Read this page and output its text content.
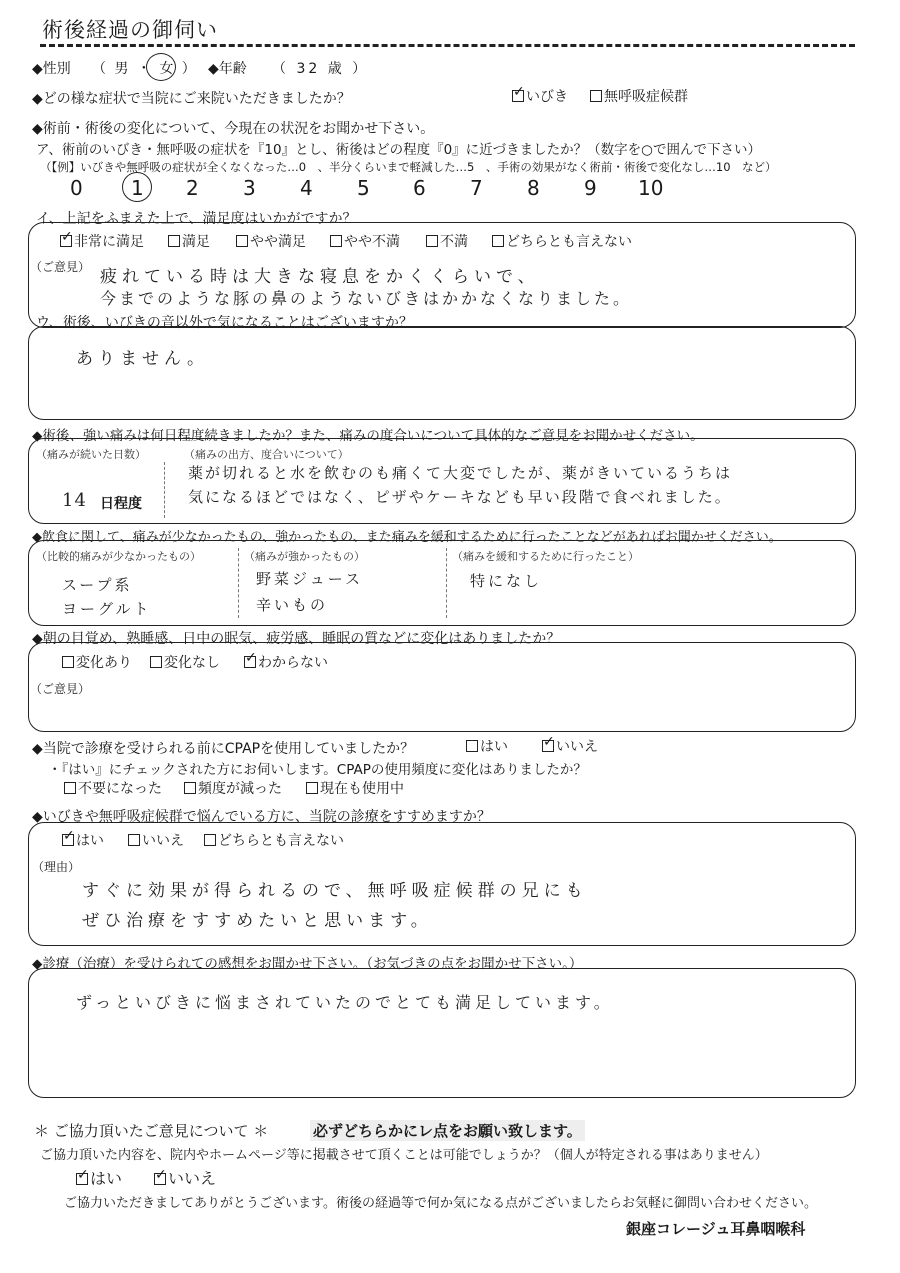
術後経過の御伺い
◆性別 （ 男 ・ 女 ） ◆年齢 （ 32 歳 ）
◆どの様な症状で当院にご来院いただきましたか？ ✓	いびき	無呼吸症候群
◆術前・術後の変化について、今現在の状況をお聞かせ下さい。
ア、術前のいびき・無呼吸の症状を『10』とし、術後はどの程度『0』に近づきましたか？（数字を○で囲んで下さい）
（【例】いびきや無呼吸の症状が全くなくなった…0　、半分くらいまで軽減した…5　、手術の効果がなく術前・術後で変化なし…10　など）
0 1 2 3 4 5 6 7 8 9 10
イ、上記をふまえた上で、満足度はいかがですか？
✓非常に満足	満足	やや満足	やや不満	不満	どちらとも言えない
（ご意見） 疲れている時は大きな寝息をかくくらいで、
今までのような豚の鼻のようないびきはかかなくなりました。
ウ、術後、いびきの音以外で気になることはございますか？
ありません。
◆術後、強い痛みは何日程度続きましたか？また、痛みの度合いについて具体的なご意見をお聞かせください。
（痛みが続いた日数）
14 日程度
（痛みの出方、度合いについて）
薬が切れると水を飲むのも痛くて大変でしたが、薬がきいているうちは
気になるほどではなく、ピザやケーキなども早い段階で食べれました。
◆飲食に関して、痛みが少なかったもの、強かったもの、また痛みを緩和するために行ったことなどがあればお聞かせください。
（比較的痛みが少なかったもの）
スープ系
ヨーグルト
（痛みが強かったもの）
野菜ジュース
辛いもの
（痛みを緩和するために行ったこと）
特になし
◆朝の目覚め、熟睡感、日中の眠気、疲労感、睡眠の質などに変化はありましたか？
変化あり	変化なし ✓	わからない
（ご意見）
◆当院で診療を受けられる前にCPAPを使用していましたか？	はい ✓	いいえ
・『はい』にチェックされた方にお伺いします。CPAPの使用頻度に変化はありましたか？
不要になった	頻度が減った	現在も使用中
◆いびきや無呼吸症候群で悩んでいる方に、当院の診療をすすめますか？
✓はい	いいえ	どちらとも言えない
（理由）
すぐに効果が得られるので、無呼吸症候群の兄にも
ぜひ治療をすすめたいと思います。
◆診療（治療）を受けられての感想をお聞かせ下さい。（お気づきの点をお聞かせ下さい。）
ずっといびきに悩まされていたのでとても満足しています。
＊ ご協力頂いたご意見について ＊	必ずどちらかにレ点をお願い致します。
ご協力頂いた内容を、院内やホームページ等に掲載させて頂くことは可能でしょうか？（個人が特定される事はありません）
✓はい ✓	いいえ
ご協力いただきましてありがとうございます。術後の経過等で何か気になる点がございましたらお気軽に御問い合わせください。
銀座コレージュ耳鼻咽喉科
